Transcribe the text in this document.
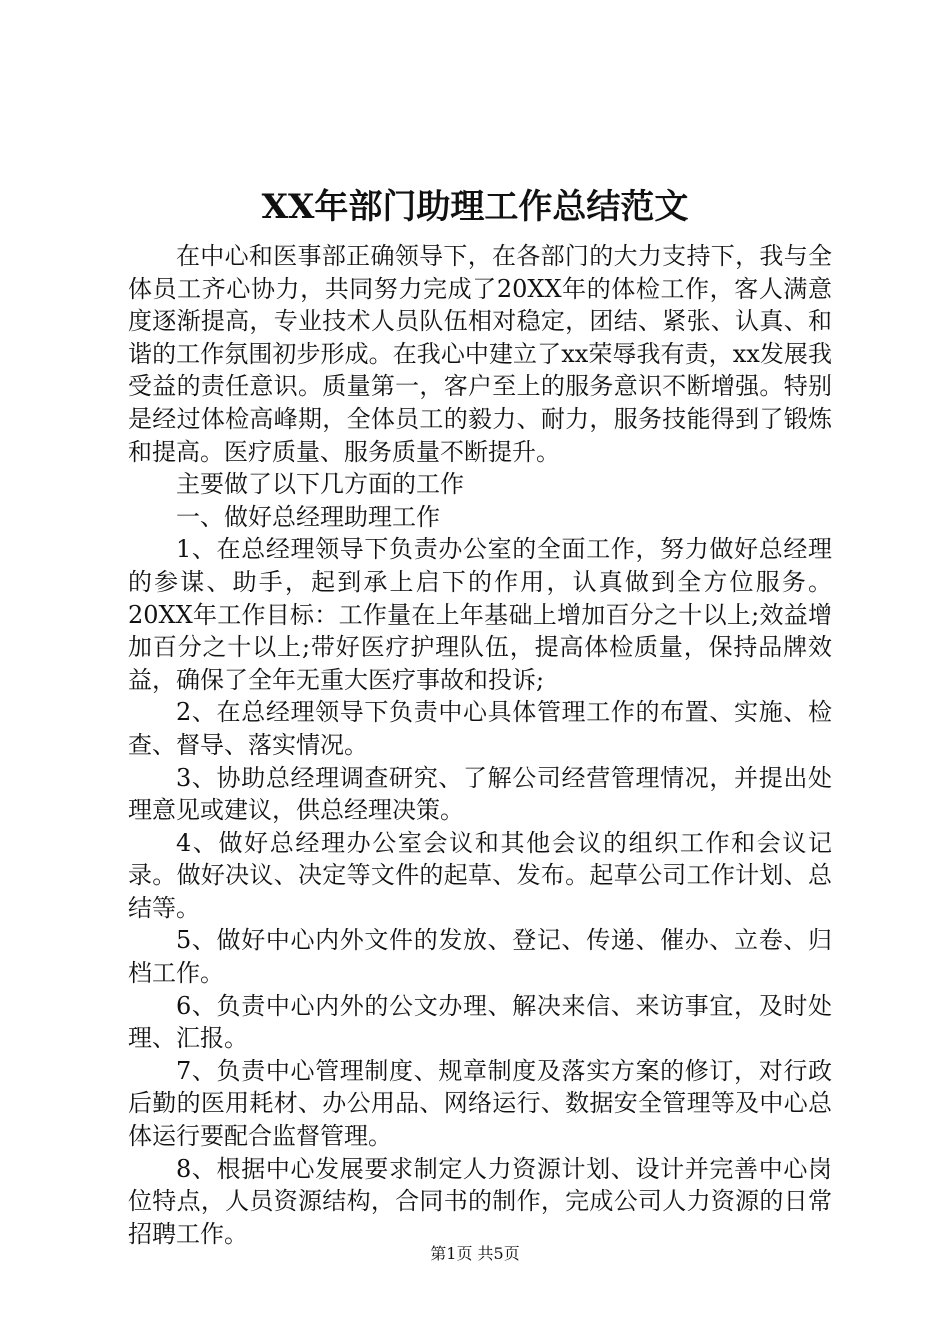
XX年部门助理工作总结范文

在中心和医事部正确领导下，在各部门的大力支持下，我与全体员工齐心协力，共同努力完成了20XX年的体检工作，客人满意度逐渐提高，专业技术人员队伍相对稳定，团结、紧张、认真、和谐的工作氛围初步形成。在我心中建立了xx荣辱我有责，xx发展我受益的责任意识。质量第一，客户至上的服务意识不断增强。特别是经过体检高峰期，全体员工的毅力、耐力，服务技能得到了锻炼和提高。医疗质量、服务质量不断提升。

主要做了以下几方面的工作

一、做好总经理助理工作

1、在总经理领导下负责办公室的全面工作，努力做好总经理的参谋、助手，起到承上启下的作用，认真做到全方位服务。20XX年工作目标：工作量在上年基础上增加百分之十以上;效益增加百分之十以上;带好医疗护理队伍，提高体检质量，保持品牌效益，确保了全年无重大医疗事故和投诉;

2、在总经理领导下负责中心具体管理工作的布置、实施、检查、督导、落实情况。

3、协助总经理调查研究、了解公司经营管理情况，并提出处理意见或建议，供总经理决策。

4、做好总经理办公室会议和其他会议的组织工作和会议记录。做好决议、决定等文件的起草、发布。起草公司工作计划、总结等。

5、做好中心内外文件的发放、登记、传递、催办、立卷、归档工作。

6、负责中心内外的公文办理、解决来信、来访事宜，及时处理、汇报。

7、负责中心管理制度、规章制度及落实方案的修订，对行政后勤的医用耗材、办公用品、网络运行、数据安全管理等及中心总体运行要配合监督管理。

8、根据中心发展要求制定人力资源计划、设计并完善中心岗位特点，人员资源结构，合同书的制作，完成公司人力资源的日常招聘工作。

第1页 共5页
